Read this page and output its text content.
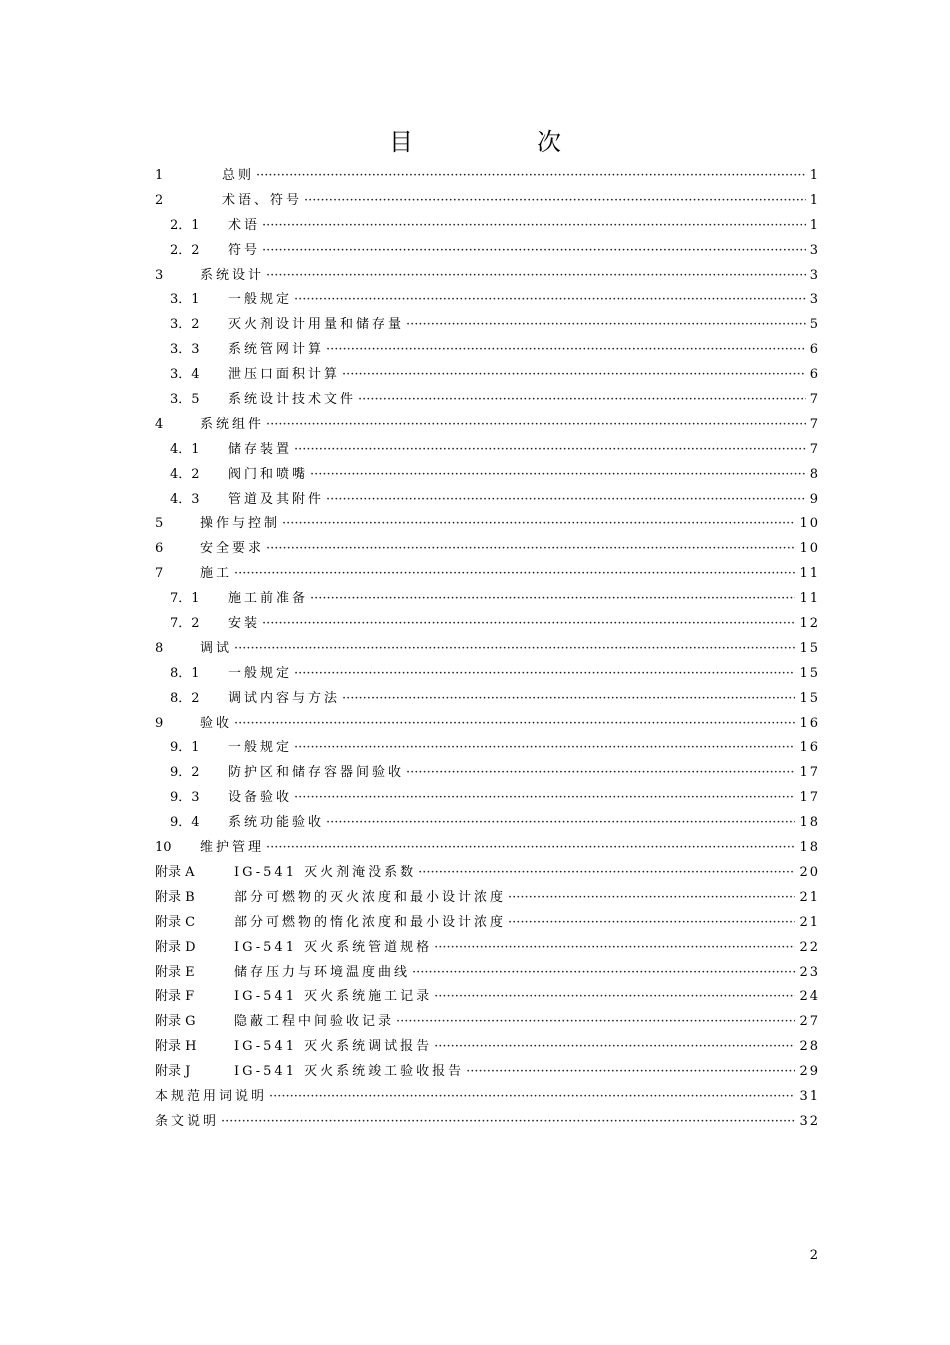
目　次
1	总则 ·····	1
2	术语、符号 ·····	1
2．1 术语 ·····	1
2．2 符号 ·····	3
3	系统设计 ·····	3
3．1 一般规定 ·····	3
3．2 灭火剂设计用量和储存量 ·····	5
3．3 系统管网计算 ·····	6
3．4 泄压口面积计算 ·····	6
3．5 系统设计技术文件 ·····	7
4	系统组件 ·····	7
4．1 储存装置 ·····	7
4．2 阀门和喷嘴 ·····	8
4．3 管道及其附件 ·····	9
5	操作与控制 ·····	10
6	安全要求 ·····	10
7	施工 ·····	11
7．1 施工前准备 ·····	11
7．2 安装 ·····	12
8	调试 ·····	15
8．1 一般规定 ·····	15
8．2 调试内容与方法 ·····	15
9	验收 ·····	16
9．1 一般规定 ·····	16
9．2 防护区和储存容器间验收 ·····	17
9．3 设备验收 ·····	17
9．4 系统功能验收 ·····	18
10 维护管理 ·····	18
附录 A	IG-541 灭火剂淹没系数 ·····	20
附录 B	部分可燃物的灭火浓度和最小设计浓度 ·····	21
附录 C	部分可燃物的惰化浓度和最小设计浓度 ·····	21
附录 D	IG-541 灭火系统管道规格 ·····	22
附录 E	储存压力与环境温度曲线 ·····	23
附录 F	IG-541 灭火系统施工记录 ·····	24
附录 G	隐蔽工程中间验收记录 ·····	27
附录 H	IG-541 灭火系统调试报告 ·····	28
附录 J	IG-541 灭火系统竣工验收报告 ·····	29
本规范用词说明 ·····	31
条文说明 ·····	32
2
